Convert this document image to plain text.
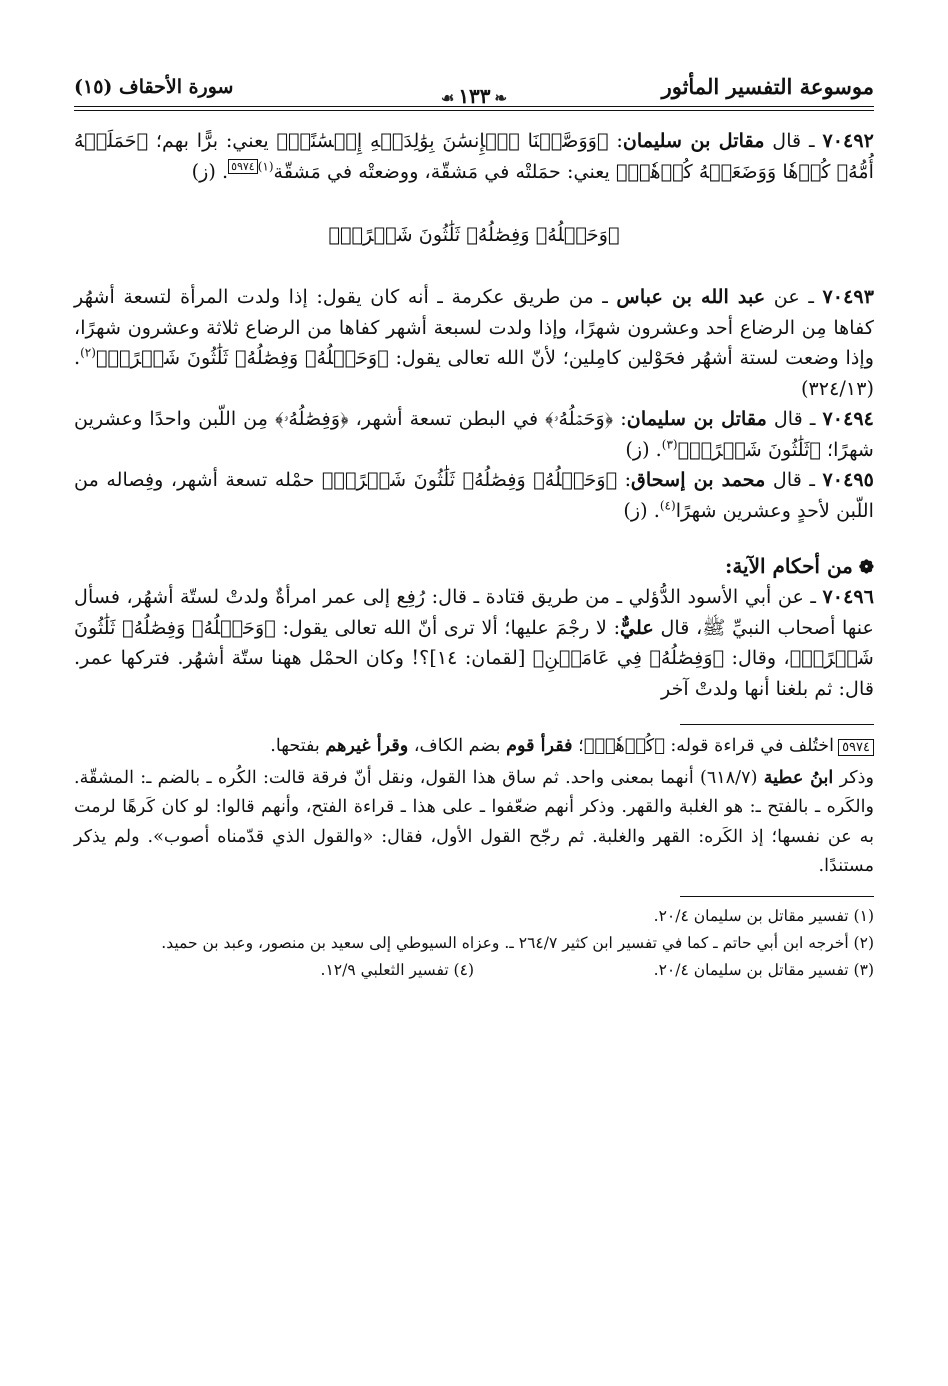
موسوعة التفسير المأثور
❧١٣٣☙
سورة الأحقاف (١٥)

٧٠٤٩٢ ـ قال مقاتل بن سليمان: ﴿وَوَصَّيۡنَا ٱلۡإِنسَٰنَ بِوَٰلِدَيۡهِ إِحۡسَٰنًاۖ﴾ يعني: برًّا بهم؛ ﴿حَمَلَتۡهُ أُمُّهُۥ كُرۡهٗا وَوَضَعَتۡهُ كُرۡهٗاۖ﴾ يعني: حمَلتْه في مَشقّة، ووضعتْه في مَشقّة$^{(١)٥٩٧٤}$. (ز)

﴿وَحَمۡلُهُۥ وَفِصَٰلُهُۥ ثَلَٰثُونَ شَهۡرًاۚ﴾

٧٠٤٩٣ ـ عن عبد الله بن عباس ـ من طريق عكرمة ـ أنه كان يقول: إذا ولدت المرأة لتسعة أشهُر كفاها مِن الرضاع أحد وعشرون شهرًا، وإذا ولدت لسبعة أشهر كفاها من الرضاع ثلاثة وعشرون شهرًا، وإذا وضعت لستة أشهُر فحَوْلين كامِلين؛ لأنّ الله تعالى يقول: ﴿وَحَمۡلُهُۥ وَفِصَٰلُهُۥ ثَلَٰثُونَ شَهۡرًاۚ﴾$^{(٢)}$. (٣٢٤/١٣)

٧٠٤٩٤ ـ قال مقاتل بن سليمان: ﴿وَحَمۡلُهُۥ﴾ في البطن تسعة أشهر، ﴿وَفِصَٰلُهُۥ﴾ مِن اللّبن واحدًا وعشرين شهرًا؛ ﴿ثَلَٰثُونَ شَهۡرًاۚ﴾$^{(٣)}$. (ز)

٧٠٤٩٥ ـ قال محمد بن إسحاق: ﴿وَحَمۡلُهُۥ وَفِصَٰلُهُۥ ثَلَٰثُونَ شَهۡرًاۚ﴾ حمْله تسعة أشهر، وفِصاله من اللّبن لأحدٍ وعشرين شهرًا$^{(٤)}$. (ز)

❁من أحكام الآية:

٧٠٤٩٦ ـ عن أبي الأسود الدُّؤلي ـ من طريق قتادة ـ قال: رُفِع إلى عمر امرأةٌ ولدتْ لستّة أشهُر، فسأل عنها أصحاب النبيِّ ﷺ، قال عليٌّ: لا رجْمَ عليها؛ ألا ترى أنّ الله تعالى يقول: ﴿وَحَمۡلُهُۥ وَفِصَٰلُهُۥ ثَلَٰثُونَ شَهۡرًاۚ﴾، وقال: ﴿وَفِصَٰلُهُۥ فِي عَامَيۡنِ﴾ [لقمان: ١٤]؟! وكان الحمْل ههنا ستّة أشهُر. فتركها عمر. قال: ثم بلغنا أنها ولدتْ آخر

٥٩٧٤اختُلف في قراءة قوله: ﴿كُرۡهٗاۖ﴾؛ فقرأ قوم بضم الكاف، وقرأ غيرهم بفتحها.
وذكر ابنُ عطية (٦١٨/٧) أنهما بمعنى واحد. ثم ساق هذا القول، ونقل أنّ فرقة قالت: الكُره ـ بالضم ـ: المشقّة. والكَره ـ بالفتح ـ: هو الغلبة والقهر. وذكر أنهم ضعّفوا ـ على هذا ـ قراءة الفتح، وأنهم قالوا: لو كان كَرهًا لرمت به عن نفسها؛ إذ الكَره: القهر والغلبة. ثم رجّح القول الأول، فقال: «والقول الذي قدّمناه أصوب». ولم يذكر مستندًا.

(١) تفسير مقاتل بن سليمان ٢٠/٤.
(٢) أخرجه ابن أبي حاتم ـ كما في تفسير ابن كثير ٢٦٤/٧ ـ. وعزاه السيوطي إلى سعيد بن منصور، وعبد بن حميد.
(٣) تفسير مقاتل بن سليمان ٢٠/٤.
(٤) تفسير الثعلبي ١٢/٩.
